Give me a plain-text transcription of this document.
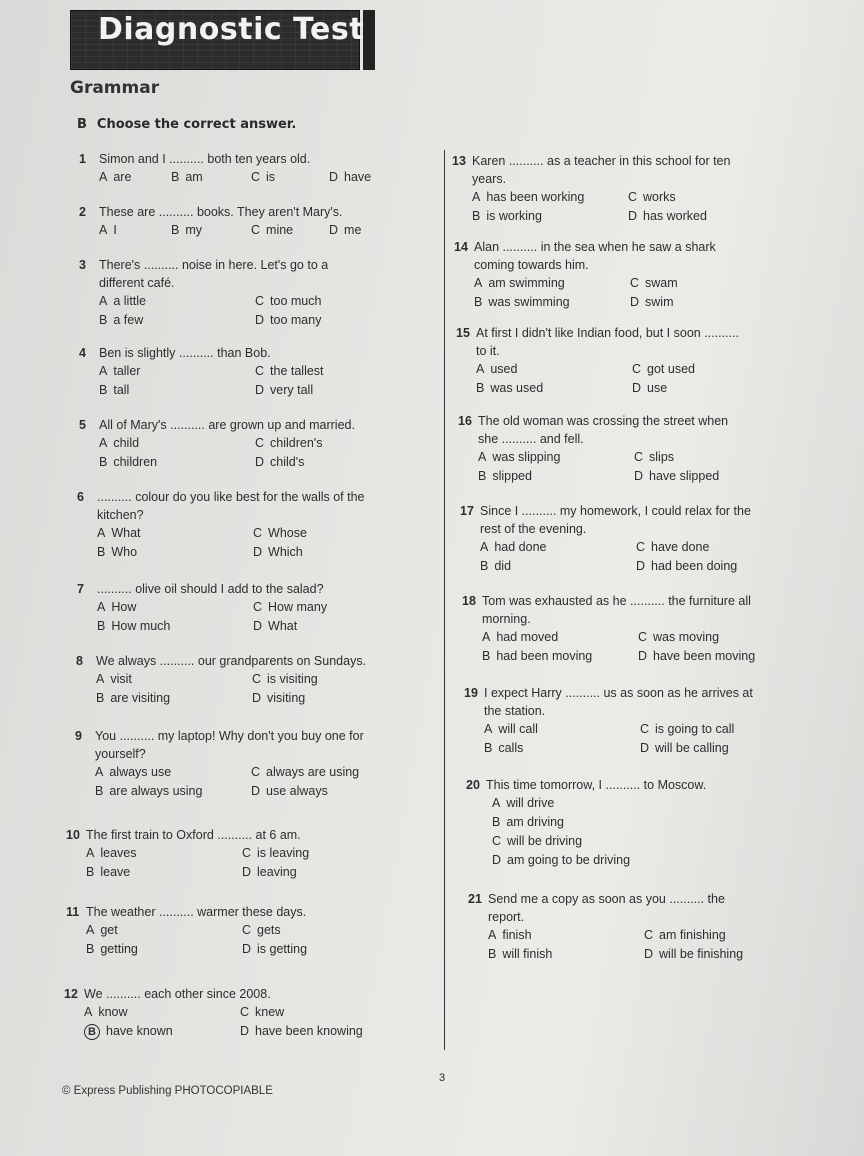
Diagnostic Test
Grammar
B Choose the correct answer.
1 Simon and I .......... both ten years old.
A are	B am	C is	D have
2 These are .......... books. They aren't Mary's.
A I	B my	C mine	D me
3 There's .......... noise in here. Let's go to a
different café.
A a little
B a few
C too much
D too many
4 Ben is slightly .......... than Bob.
A taller
B tall
C the tallest
D very tall
5 All of Mary's .......... are grown up and married.
A child
B children
C children's
D child's
6 .......... colour do you like best for the walls of the
kitchen?
A What
B Who
C Whose
D Which
7 .......... olive oil should I add to the salad?
A How
B How much
C How many
D What
8 We always .......... our grandparents on Sundays.
A visit
B are visiting
C is visiting
D visiting
9 You .......... my laptop! Why don't you buy one for
yourself?
A always use
B are always using
C always are using
D use always
10 The first train to Oxford .......... at 6 am.
A leaves
B leave
C is leaving
D leaving
11 The weather .......... warmer these days.
A get
B getting
C gets
D is getting
12 We .......... each other since 2008.
A know
B have known
C knew
D have been knowing
13 Karen .......... as a teacher in this school for ten
years.
A has been working
B is working
C works
D has worked
14 Alan .......... in the sea when he saw a shark
coming towards him.
A am swimming
B was swimming
C swam
D swim
15 At first I didn't like Indian food, but I soon ..........
to it.
A used
B was used
C got used
D use
16 The old woman was crossing the street when
she .......... and fell.
A was slipping
B slipped
C slips
D have slipped
17 Since I .......... my homework, I could relax for the
rest of the evening.
A had done
B did
C have done
D had been doing
18 Tom was exhausted as he .......... the furniture all
morning.
A had moved
B had been moving
C was moving
D have been moving
19 I expect Harry .......... us as soon as he arrives at
the station.
A will call
B calls
C is going to call
D will be calling
20 This time tomorrow, I .......... to Moscow.
A will drive
B am driving
C will be driving
D am going to be driving
21 Send me a copy as soon as you .......... the
report.
A finish
B will finish
C am finishing
D will be finishing
3
© Express Publishing PHOTOCOPIABLE
